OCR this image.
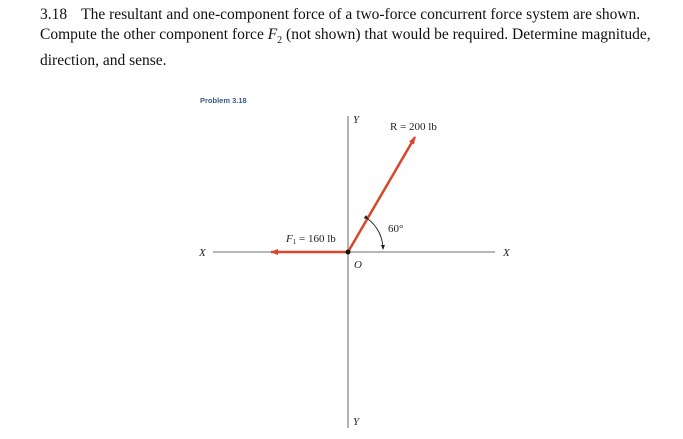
3.18 The resultant and one-component force of a two-force concurrent force system are shown. Compute the other component force $F_2$ (not shown) that would be required. Determine magnitude, direction, and sense.
Problem 3.18
Y
Y
X	X
O
R = 200 lb
60°
F1 = 160 lb
